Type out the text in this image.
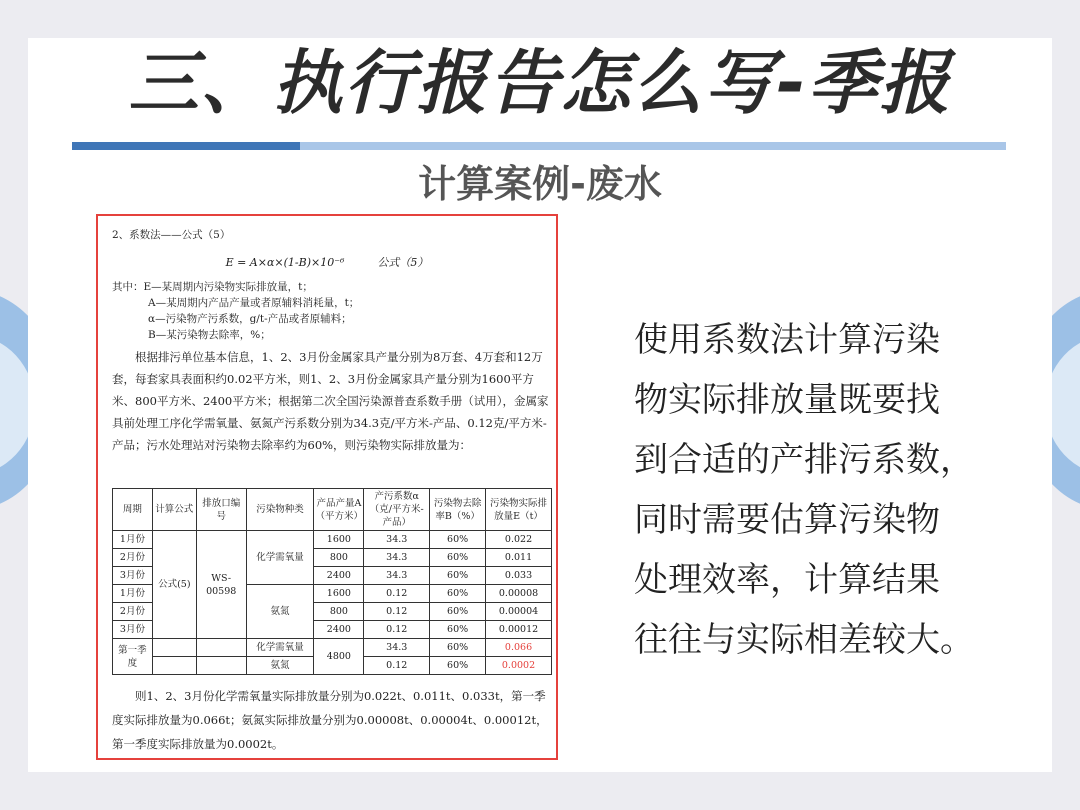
三、执行报告怎么写-季报
计算案例-废水

2、系数法——公式（5）

E = A×α×(1-B)×10⁻⁶　　　公式（5）

其中：E—某周期内污染物实际排放量，t；

A—某周期内产品产量或者原辅料消耗量，t；

α—污染物产污系数，g/t-产品或者原辅料；

B—某污染物去除率，%；

　　根据排污单位基本信息，1、2、3月份金属家具产量分别为8万套、4万套和12万套，每套家具表面积约0.02平方米，则1、2、3月份金属家具产量分别为1600平方米、800平方米、2400平方米；根据第二次全国污染源普查系数手册（试用），金属家具前处理工序化学需氧量、氨氮产污系数分别为34.3克/平方米-产品、0.12克/平方米-产品；污水处理站对污染物去除率约为60%，则污染物实际排放量为：

周期	计算公式	排放口编号	污染物种类	产品产量A（平方米）	产污系数α（克/平方米-产品）	污染物去除率B（%）	污染物实际排放量E（t）
1月份	公式(5)	WS-00598	化学需氧量	1600	34.3	60%	0.022
2月份				800	34.3	60%	0.011
3月份				2400	34.3	60%	0.033
1月份			氨氮	1600	0.12	60%	0.00008
2月份				800	0.12	60%	0.00004
3月份				2400	0.12	60%	0.00012
第一季度			化学需氧量	4800	34.3	60%	0.066
			氨氮		0.12	60%	0.0002

　　则1、2、3月份化学需氧量实际排放量分别为0.022t、0.011t、0.033t，第一季度实际排放量为0.066t；氨氮实际排放量分别为0.00008t、0.00004t、0.00012t，第一季度实际排放量为0.0002t。

使用系数法计算污染
物实际排放量既要找
到合适的产排污系数，
同时需要估算污染物
处理效率，计算结果
往往与实际相差较大。
